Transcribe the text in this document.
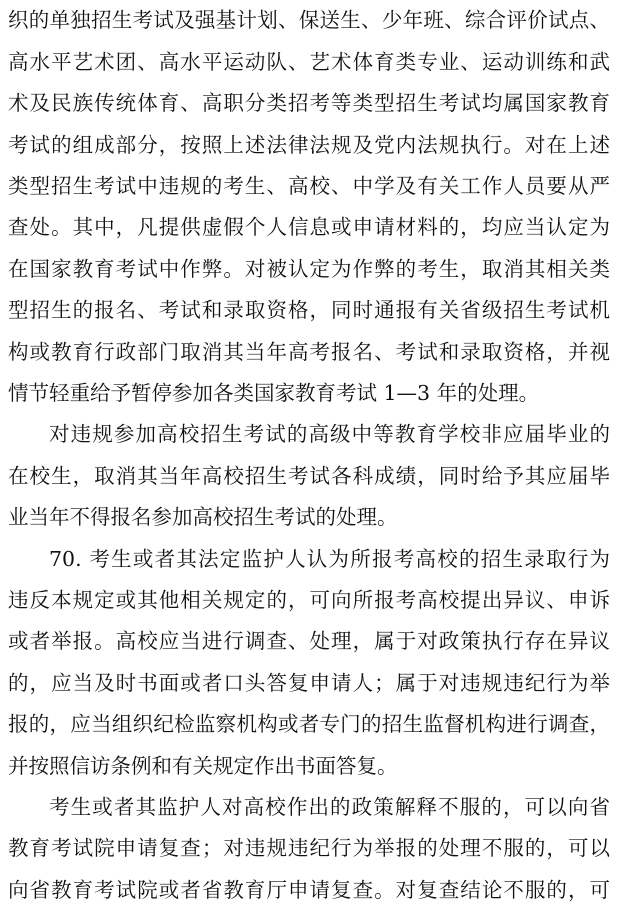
织的单独招生考试及强基计划、保送生、少年班、综合评价试点、
高水平艺术团、高水平运动队、艺术体育类专业、运动训练和武
术及民族传统体育、高职分类招考等类型招生考试均属国家教育
考试的组成部分，按照上述法律法规及党内法规执行。对在上述
类型招生考试中违规的考生、高校、中学及有关工作人员要从严
查处。其中，凡提供虚假个人信息或申请材料的，均应当认定为
在国家教育考试中作弊。对被认定为作弊的考生，取消其相关类
型招生的报名、考试和录取资格，同时通报有关省级招生考试机
构或教育行政部门取消其当年高考报名、考试和录取资格，并视
情节轻重给予暂停参加各类国家教育考试 1—3 年的处理。
对违规参加高校招生考试的高级中等教育学校非应届毕业的
在校生，取消其当年高校招生考试各科成绩，同时给予其应届毕
业当年不得报名参加高校招生考试的处理。
70. 考生或者其法定监护人认为所报考高校的招生录取行为
违反本规定或其他相关规定的，可向所报考高校提出异议、申诉
或者举报。高校应当进行调查、处理，属于对政策执行存在异议
的，应当及时书面或者口头答复申请人；属于对违规违纪行为举
报的，应当组织纪检监察机构或者专门的招生监督机构进行调查，
并按照信访条例和有关规定作出书面答复。
考生或者其监护人对高校作出的政策解释不服的，可以向省
教育考试院申请复查；对违规违纪行为举报的处理不服的，可以
向省教育考试院或者省教育厅申请复查。对复查结论不服的，可
